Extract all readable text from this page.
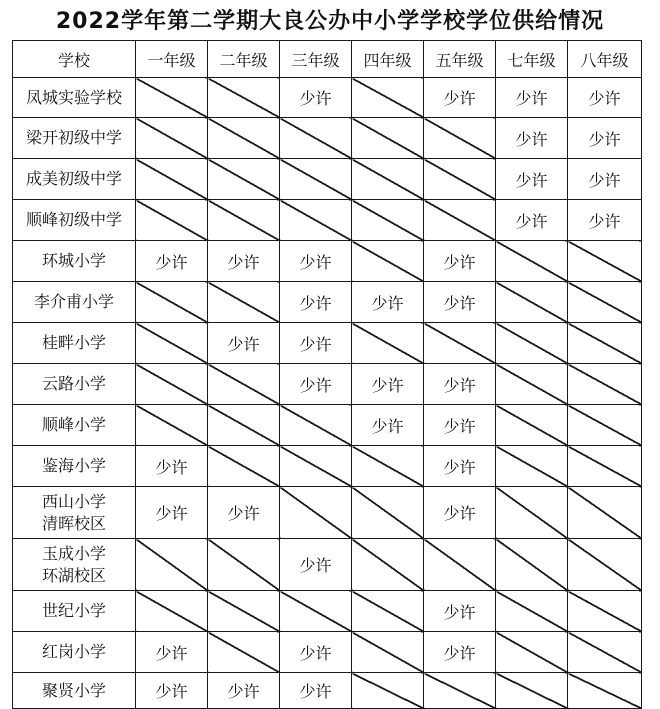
2022学年第二学期大良公办中小学学校学位供给情况
学校	一年级	二年级	三年级	四年级	五年级	七年级	八年级

凤城实验学校			少许		少许	少许	少许

梁开初级中学						少许	少许

成美初级中学						少许	少许

顺峰初级中学						少许	少许

环城小学	少许	少许	少许		少许		

李介甫小学			少许	少许	少许		

桂畔小学		少许	少许				

云路小学			少许	少许	少许		

顺峰小学				少许	少许		

鉴海小学	少许				少许		

西山小学
清晖校区	少许	少许			少许		

玉成小学
环湖校区			少许				

世纪小学					少许		

红岗小学	少许		少许		少许		

聚贤小学	少许	少许	少许				
